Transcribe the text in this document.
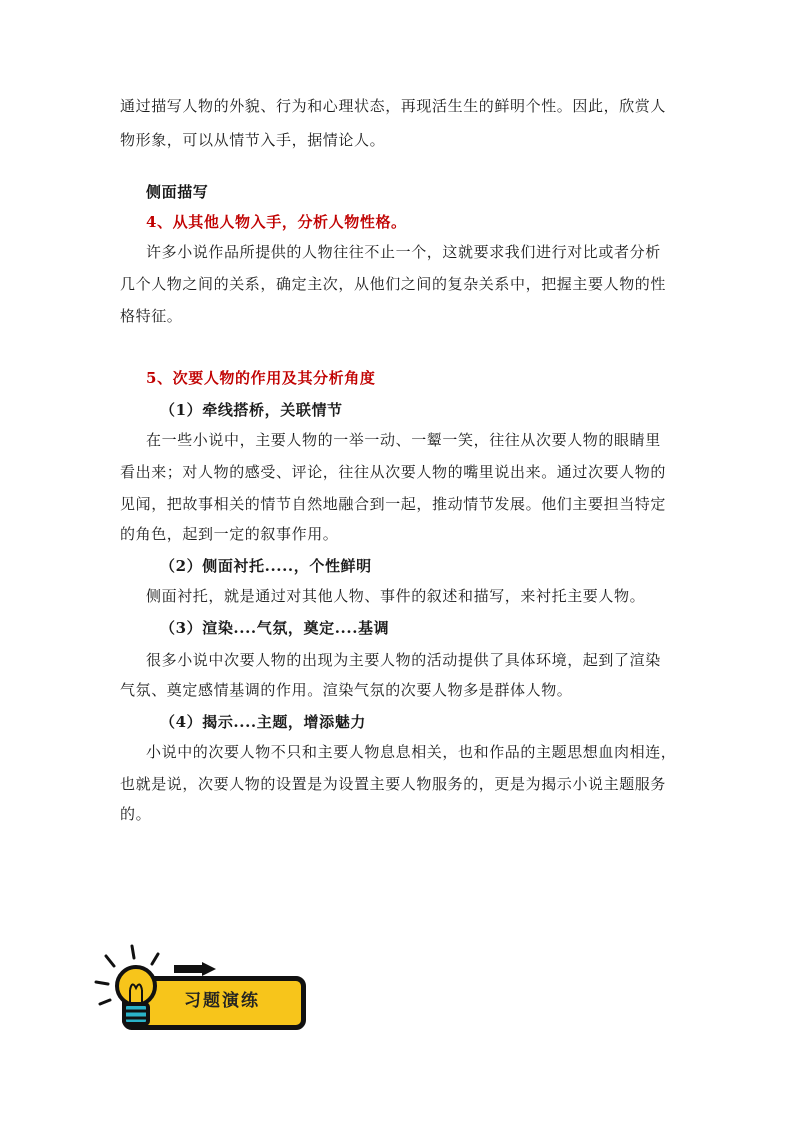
通过描写人物的外貌、行为和心理状态，再现活生生的鲜明个性。因此，欣赏人
物形象，可以从情节入手，据情论人。
侧面描写
4、从其他人物入手，分析人物性格。
许多小说作品所提供的人物往往不止一个，这就要求我们进行对比或者分析
几个人物之间的关系，确定主次，从他们之间的复杂关系中，把握主要人物的性
格特征。
5、次要人物的作用及其分析角度
（1）牵线搭桥，关联情节
在一些小说中，主要人物的一举一动、一颦一笑，往往从次要人物的眼睛里
看出来；对人物的感受、评论，往往从次要人物的嘴里说出来。通过次要人物的
见闻，把故事相关的情节自然地融合到一起，推动情节发展。他们主要担当特定
的角色，起到一定的叙事作用。
（2）侧面衬托.....，个性鲜明
侧面衬托，就是通过对其他人物、事件的叙述和描写，来衬托主要人物。
（3）渲染....气氛，奠定....基调
很多小说中次要人物的出现为主要人物的活动提供了具体环境，起到了渲染
气氛、奠定感情基调的作用。渲染气氛的次要人物多是群体人物。
（4）揭示....主题，增添魅力
小说中的次要人物不只和主要人物息息相关，也和作品的主题思想血肉相连，
也就是说，次要人物的设置是为设置主要人物服务的，更是为揭示小说主题服务
的。
习题演练
